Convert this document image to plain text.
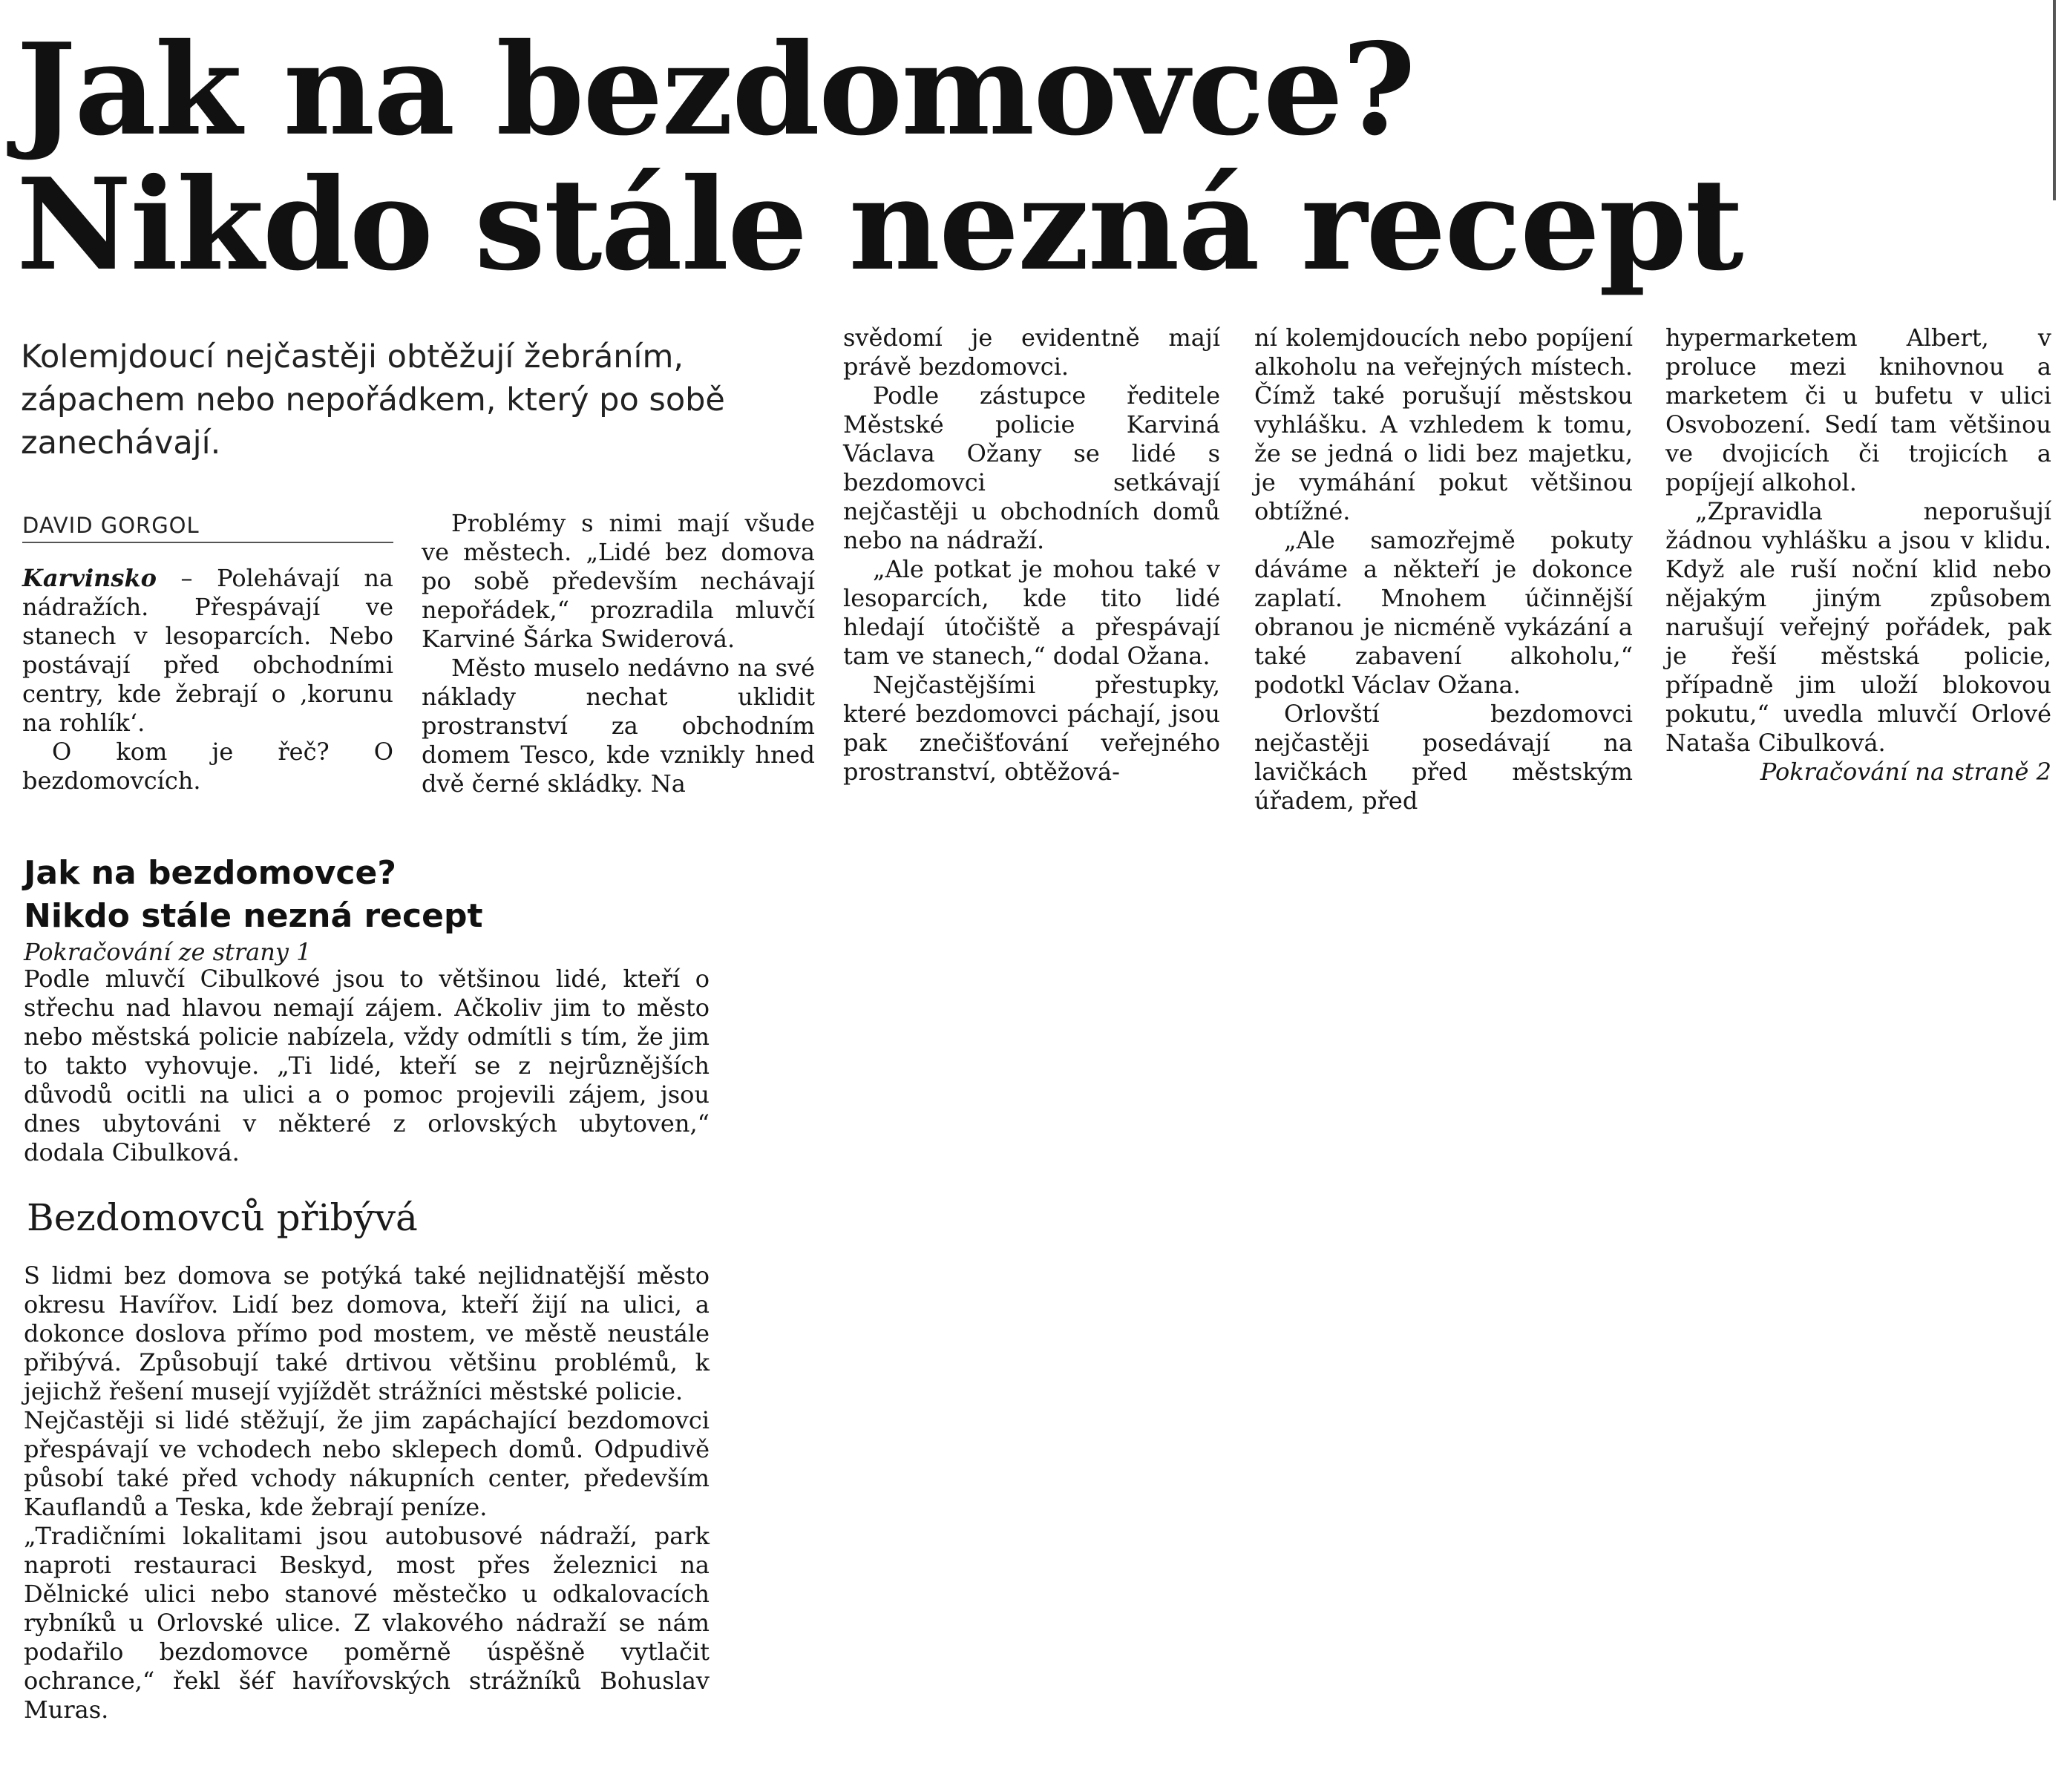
Jak na bezdomovce?
Nikdo stále nezná recept
Kolemjdoucí nejčastěji obtěžují žebráním, zápachem nebo nepořádkem, který po sobě zanechávají.
DAVID GORGOL

Karvinsko – Polehávají na nádražích. Přespávají ve stanech v lesoparcích. Nebo postávají před obchodními centry, kde žebrají o ‚korunu na rohlík‘.

O kom je řeč? O bezdomovcích.

Problémy s nimi mají všude ve městech. „Lidé bez domova po sobě především nechávají nepořádek,“ prozradila mluvčí Karviné Šárka Swiderová.

Město muselo nedávno na své náklady nechat uklidit prostranství za obchodním domem Tesco, kde vznikly hned dvě černé skládky. Na

svědomí je evidentně mají právě bezdomovci.

Podle zástupce ředitele Městské policie Karviná Václava Ožany se lidé s bezdomovci setkávají nejčastěji u obchodních domů nebo na nádraží.

„Ale potkat je mohou také v lesoparcích, kde tito lidé hledají útočiště a přespávají tam ve stanech,“ dodal Ožana.

Nejčastějšími přestupky, které bezdomovci páchají, jsou pak znečišťování veřejného prostranství, obtěžová-

ní kolemjdoucích nebo popíjení alkoholu na veřejných místech. Čímž také porušují městskou vyhlášku. A vzhledem k tomu, že se jedná o lidi bez majetku, je vymáhání pokut většinou obtížné.

„Ale samozřejmě pokuty dáváme a někteří je dokonce zaplatí. Mnohem účinnější obranou je nicméně vykázání a také zabavení alkoholu,“ podotkl Václav Ožana.

Orlovští bezdomovci nejčastěji posedávají na lavičkách před městským úřadem, před

hypermarketem Albert, v proluce mezi knihovnou a marketem či u bufetu v ulici Osvobození. Sedí tam většinou ve dvojicích či trojicích a popíjejí alkohol.

„Zpravidla neporušují žádnou vyhlášku a jsou v klidu. Když ale ruší noční klid nebo nějakým jiným způsobem narušují veřejný pořádek, pak je řeší městská policie, případně jim uloží blokovou pokutu,“ uvedla mluvčí Orlové Nataša Cibulková.

Pokračování na straně 2

Jak na bezdomovce?
Nikdo stále nezná recept
Pokračování ze strany 1

Podle mluvčí Cibulkové jsou to většinou lidé, kteří o střechu nad hlavou nemají zájem. Ačkoliv jim to město nebo městská policie nabízela, vždy odmítli s tím, že jim to takto vyhovuje. „Ti lidé, kteří se z nejrůznějších důvodů ocitli na ulici a o pomoc projevili zájem, jsou dnes ubytováni v některé z orlovských ubytoven,“ dodala Cibulková.

Bezdomovců přibývá

S lidmi bez domova se potýká také nejlidnatější město okresu Havířov. Lidí bez domova, kteří žijí na ulici, a dokonce doslova přímo pod mostem, ve městě neustále přibývá. Způsobují také drtivou většinu problémů, k jejichž řešení musejí vyjíždět strážníci městské policie.

Nejčastěji si lidé stěžují, že jim zapáchající bezdomovci přespávají ve vchodech nebo sklepech domů. Odpudivě působí také před vchody nákupních center, především Kauflandů a Teska, kde žebrají peníze.

„Tradičními lokalitami jsou autobusové nádraží, park naproti restauraci Beskyd, most přes železnici na Dělnické ulici nebo stanové městečko u odkalovacích rybníků u Orlovské ulice. Z vlakového nádraží se nám podařilo bezdomovce poměrně úspěšně vytlačit ochrance,“ řekl šéf havířovských strážníků Bohuslav Muras.
